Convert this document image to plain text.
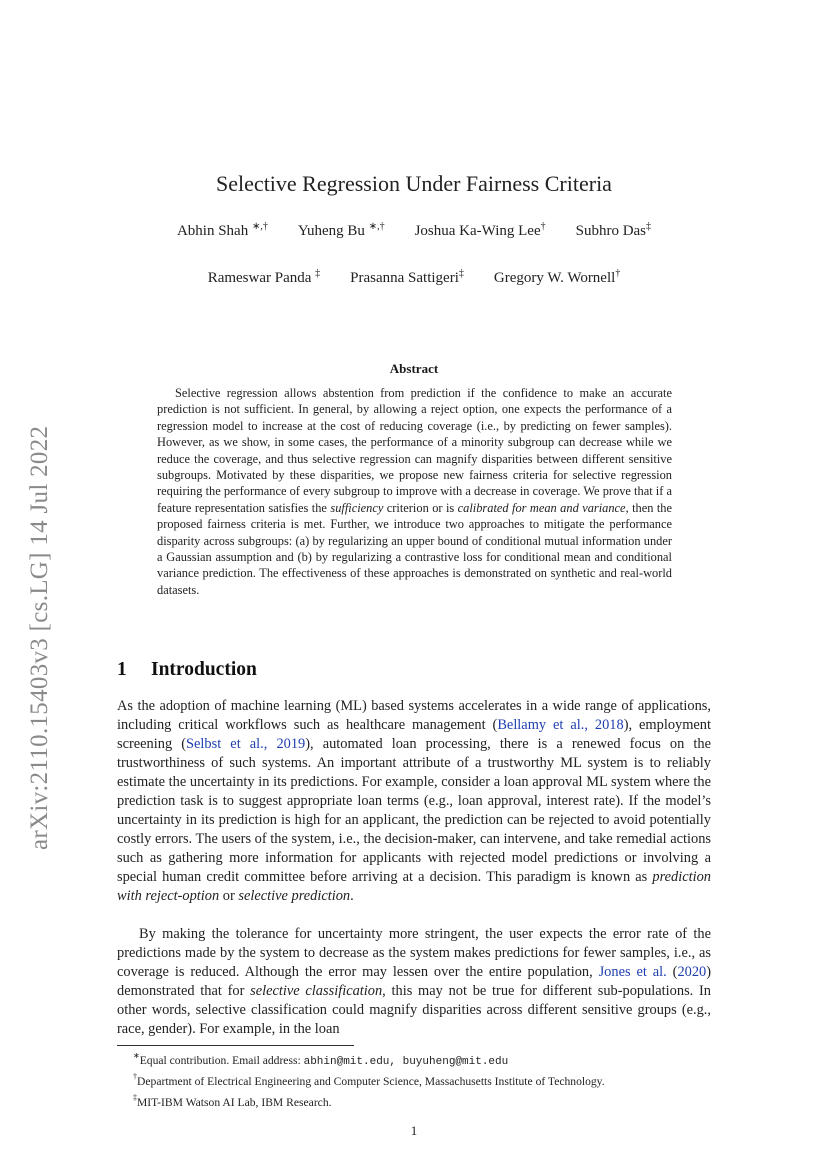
arXiv:2110.15403v3 [cs.LG] 14 Jul 2022
Selective Regression Under Fairness Criteria
Abhin Shah ∗,† Yuheng Bu ∗,† Joshua Ka-Wing Lee† Subhro Das‡
Rameswar Panda ‡ Prasanna Sattigeri‡ Gregory W. Wornell†
Abstract
Selective regression allows abstention from prediction if the confidence to make an accurate prediction is not sufficient. In general, by allowing a reject option, one expects the performance of a regression model to increase at the cost of reducing coverage (i.e., by predicting on fewer samples). However, as we show, in some cases, the performance of a minority subgroup can decrease while we reduce the coverage, and thus selective regression can magnify disparities between different sensitive subgroups. Motivated by these disparities, we propose new fairness criteria for selective regression requiring the performance of every subgroup to improve with a decrease in coverage. We prove that if a feature representation satisfies the sufficiency criterion or is calibrated for mean and variance, then the proposed fairness criteria is met. Further, we introduce two approaches to mitigate the performance disparity across subgroups: (a) by regularizing an upper bound of conditional mutual information under a Gaussian assumption and (b) by regularizing a contrastive loss for conditional mean and conditional variance prediction. The effectiveness of these approaches is demonstrated on synthetic and real-world datasets.
1 Introduction
As the adoption of machine learning (ML) based systems accelerates in a wide range of applications, including critical workflows such as healthcare management (Bellamy et al., 2018), employment screening (Selbst et al., 2019), automated loan processing, there is a renewed focus on the trustworthiness of such systems. An important attribute of a trustworthy ML system is to reliably estimate the uncertainty in its predictions. For example, consider a loan approval ML system where the prediction task is to suggest appropriate loan terms (e.g., loan approval, interest rate). If the model’s uncertainty in its prediction is high for an applicant, the prediction can be rejected to avoid potentially costly errors. The users of the system, i.e., the decision-maker, can intervene, and take remedial actions such as gathering more information for applicants with rejected model predictions or involving a special human credit committee before arriving at a decision. This paradigm is known as prediction with reject-option or selective prediction.
By making the tolerance for uncertainty more stringent, the user expects the error rate of the predictions made by the system to decrease as the system makes predictions for fewer samples, i.e., as coverage is reduced. Although the error may lessen over the entire population, Jones et al. (2020) demonstrated that for selective classification, this may not be true for different sub-populations. In other words, selective classification could magnify disparities across different sensitive groups (e.g., race, gender). For example, in the loan
∗Equal contribution. Email address: abhin@mit.edu, buyuheng@mit.edu
†Department of Electrical Engineering and Computer Science, Massachusetts Institute of Technology.
‡MIT-IBM Watson AI Lab, IBM Research.
1
